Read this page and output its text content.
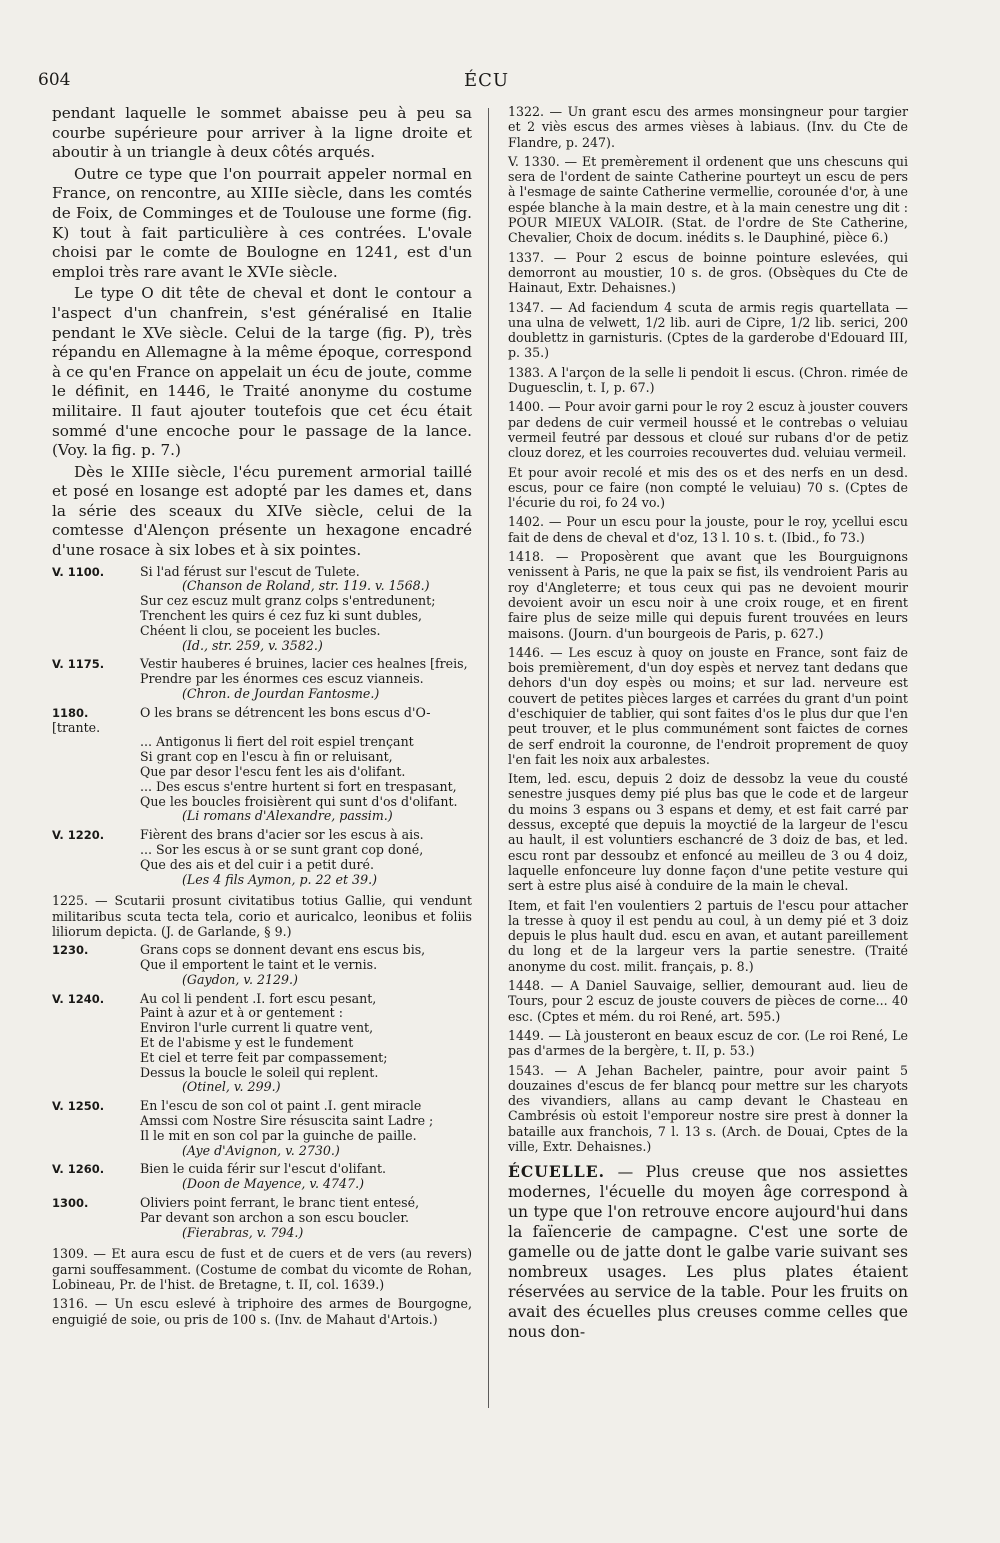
604	ÉCU

pendant laquelle le sommet abaisse peu à peu sa courbe supérieure pour arriver à la ligne droite et aboutir à un triangle à deux côtés arqués.

Outre ce type que l'on pourrait appeler normal en France, on rencontre, au XIIIe siècle, dans les comtés de Foix, de Comminges et de Toulouse une forme (fig. K) tout à fait particulière à ces contrées. L'ovale choisi par le comte de Boulogne en 1241, est d'un emploi très rare avant le XVIe siècle.

Le type O dit tête de cheval et dont le contour a l'aspect d'un chanfrein, s'est généralisé en Italie pendant le XVe siècle. Celui de la targe (fig. P), très répandu en Allemagne à la même époque, correspond à ce qu'en France on appelait un écu de joute, comme le définit, en 1446, le Traité anonyme du costume militaire. Il faut ajouter toutefois que cet écu était sommé d'une encoche pour le passage de la lance. (Voy. la fig. p. 7.)

Dès le XIIIe siècle, l'écu purement armorial taillé et posé en losange est adopté par les dames et, dans la série des sceaux du XIVe siècle, celui de la comtesse d'Alençon présente un hexagone encadré d'une rosace à six lobes et à six pointes.

V. 1100.	Si l'ad férust sur l'escut de Tulete.
(Chanson de Roland, str. 119. v. 1568.)
Sur cez escuz mult granz colps s'entredunent;
Trenchent les quirs é cez fuz ki sunt dubles,
Chéent li clou, se poceient les bucles.
(Id., str. 259, v. 3582.)
V. 1175.	Vestir hauberes é bruines, lacier ces healnes [freis,
Prendre par les énormes ces escuz vianneis.
(Chron. de Jourdan Fantosme.)
1180.	O les brans se détrencent les bons escus d'O- [trante.
... Antigonus li fiert del roit espiel trençant
Si grant cop en l'escu à fin or reluisant,
Que par desor l'escu fent les ais d'olifant.
... Des escus s'entre hurtent si fort en trespasant,
Que les boucles froisièrent qui sunt d'os d'olifant.
(Li romans d'Alexandre, passim.)
V. 1220.	Fièrent des brans d'acier sor les escus à ais.
... Sor les escus à or se sunt grant cop doné,
Que des ais et del cuir i a petit duré.
(Les 4 fils Aymon, p. 22 et 39.)

1225. — Scutarii prosunt civitatibus totius Gallie, qui vendunt militaribus scuta tecta tela, corio et auricalco, leonibus et foliis liliorum depicta. (J. de Garlande, § 9.)

1230.	Grans cops se donnent devant ens escus bis,
Que il emportent le taint et le vernis.
(Gaydon, v. 2129.)
V. 1240.	Au col li pendent .I. fort escu pesant,
Paint à azur et à or gentement :
Environ l'urle current li quatre vent,
Et de l'abisme y est le fundement
Et ciel et terre feit par compassement;
Dessus la boucle le soleil qui replent.
(Otinel, v. 299.)
V. 1250.	En l'escu de son col ot paint .I. gent miracle
Amssi com Nostre Sire résuscita saint Ladre ;
Il le mit en son col par la guinche de paille.
(Aye d'Avignon, v. 2730.)
V. 1260.	Bien le cuida férir sur l'escut d'olifant.
(Doon de Mayence, v. 4747.)
1300.	Oliviers point ferrant, le branc tient entesé,
Par devant son archon a son escu boucler.
(Fierabras, v. 794.)

1309. — Et aura escu de fust et de cuers et de vers (au revers) garni souffesamment. (Costume de combat du vicomte de Rohan, Lobineau, Pr. de l'hist. de Bretagne, t. II, col. 1639.)

1316. — Un escu eslevé à triphoire des armes de Bourgogne, enguigié de soie, ou pris de 100 s. (Inv. de Mahaut d'Artois.)

1322. — Un grant escu des armes monsingneur pour targier et 2 viès escus des armes vièses à labiaus. (Inv. du Cte de Flandre, p. 247).

V. 1330. — Et premèrement il ordenent que uns chescuns qui sera de l'ordent de sainte Catherine pourteyt un escu de pers à l'esmage de sainte Catherine vermellie, corounée d'or, à une espée blanche à la main destre, et à la main cenestre ung dit : POUR MIEUX VALOIR. (Stat. de l'ordre de Ste Catherine, Chevalier, Choix de docum. inédits s. le Dauphiné, pièce 6.)

1337. — Pour 2 escus de boinne pointure eslevées, qui demorront au moustier, 10 s. de gros. (Obsèques du Cte de Hainaut, Extr. Dehaisnes.)

1347. — Ad faciendum 4 scuta de armis regis quartellata — una ulna de velwett, 1/2 lib. auri de Cipre, 1/2 lib. serici, 200 doublettz in garnisturis. (Cptes de la garderobe d'Edouard III, p. 35.)

1383. A l'arçon de la selle li pendoit li escus. (Chron. rimée de Duguesclin, t. I, p. 67.)

1400. — Pour avoir garni pour le roy 2 escuz à jouster couvers par dedens de cuir vermeil houssé et le contrebas o veluiau vermeil feutré par dessous et cloué sur rubans d'or de petiz clouz dorez, et les courroies recouvertes dud. veluiau vermeil.

Et pour avoir recolé et mis des os et des nerfs en un desd. escus, pour ce faire (non compté le veluiau) 70 s. (Cptes de l'écurie du roi, fo 24 vo.)

1402. — Pour un escu pour la jouste, pour le roy, ycellui escu fait de dens de cheval et d'oz, 13 l. 10 s. t. (Ibid., fo 73.)

1418. — Proposèrent que avant que les Bourguignons venissent à Paris, ne que la paix se fist, ils vendroient Paris au roy d'Angleterre; et tous ceux qui pas ne devoient mourir devoient avoir un escu noir à une croix rouge, et en firent faire plus de seize mille qui depuis furent trouvées en leurs maisons. (Journ. d'un bourgeois de Paris, p. 627.)

1446. — Les escuz à quoy on jouste en France, sont faiz de bois premièrement, d'un doy espès et nervez tant dedans que dehors d'un doy espès ou moins; et sur lad. nerveure est couvert de petites pièces larges et carrées du grant d'un point d'eschiquier de tablier, qui sont faites d'os le plus dur que l'en peut trouver, et le plus communément sont faictes de cornes de serf endroit la couronne, de l'endroit proprement de quoy l'en fait les noix aux arbalestes.

Item, led. escu, depuis 2 doiz de dessobz la veue du cousté senestre jusques demy pié plus bas que le code et de largeur du moins 3 espans ou 3 espans et demy, et est fait carré par dessus, excepté que depuis la moyctié de la largeur de l'escu au hault, il est voluntiers eschancré de 3 doiz de bas, et led. escu ront par dessoubz et enfoncé au meilleu de 3 ou 4 doiz, laquelle enfonceure luy donne façon d'une petite vesture qui sert à estre plus aisé à conduire de la main le cheval.

Item, et fait l'en voulentiers 2 partuis de l'escu pour attacher la tresse à quoy il est pendu au coul, à un demy pié et 3 doiz depuis le plus hault dud. escu en avan, et autant pareillement du long et de la largeur vers la partie senestre. (Traité anonyme du cost. milit. français, p. 8.)

1448. — A Daniel Sauvaige, sellier, demourant aud. lieu de Tours, pour 2 escuz de jouste couvers de pièces de corne... 40 esc. (Cptes et mém. du roi René, art. 595.)

1449. — Là jousteront en beaux escuz de cor. (Le roi René, Le pas d'armes de la bergère, t. II, p. 53.)

1543. — A Jehan Bacheler, paintre, pour avoir paint 5 douzaines d'escus de fer blancq pour mettre sur les charyots des vivandiers, allans au camp devant le Chasteau en Cambrésis où estoit l'emporeur nostre sire prest à donner la bataille aux franchois, 7 l. 13 s. (Arch. de Douai, Cptes de la ville, Extr. Dehaisnes.)

ÉCUELLE. — Plus creuse que nos assiettes modernes, l'écuelle du moyen âge correspond à un type que l'on retrouve encore aujourd'hui dans la faïencerie de campagne. C'est une sorte de gamelle ou de jatte dont le galbe varie suivant ses nombreux usages. Les plus plates étaient réservées au service de la table. Pour les fruits on avait des écuelles plus creuses comme celles que nous don-
